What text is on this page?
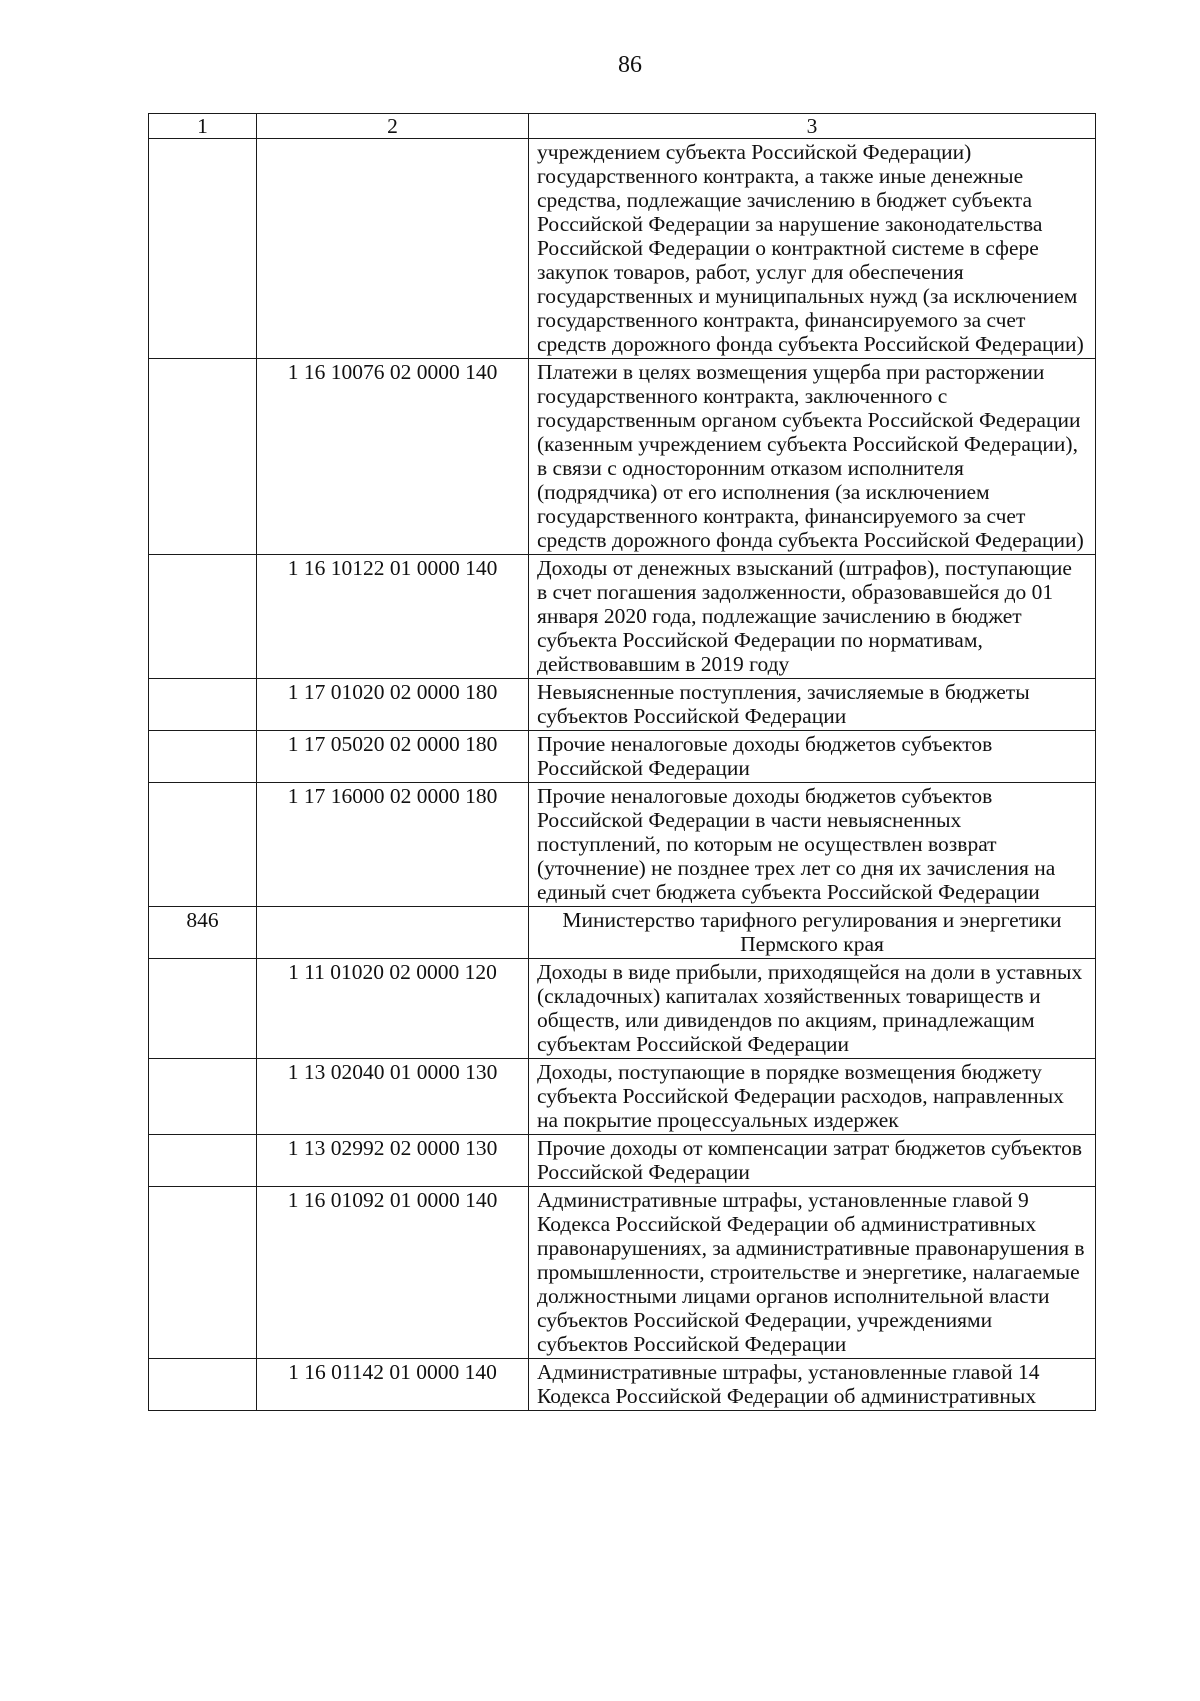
86
1	2	3
		учреждением субъекта Российской Федерации) государственного контракта, а также иные денежные средства, подлежащие зачислению в бюджет субъекта Российской Федерации за нарушение законодательства Российской Федерации о контрактной системе в сфере закупок товаров, работ, услуг для обеспечения государственных и муниципальных нужд (за исключением государственного контракта, финансируемого за счет средств дорожного фонда субъекта Российской Федерации)
	1 16 10076 02 0000 140	Платежи в целях возмещения ущерба при расторжении государственного контракта, заключенного с государственным органом субъекта Российской Федерации (казенным учреждением субъекта Российской Федерации), в связи с односторонним отказом исполнителя (подрядчика) от его исполнения (за исключением государственного контракта, финансируемого за счет средств дорожного фонда субъекта Российской Федерации)
	1 16 10122 01 0000 140	Доходы от денежных взысканий (штрафов), поступающие в счет погашения задолженности, образовавшейся до 01 января 2020 года, подлежащие зачислению в бюджет субъекта Российской Федерации по нормативам, действовавшим в 2019 году
	1 17 01020 02 0000 180	Невыясненные поступления, зачисляемые в бюджеты субъектов Российской Федерации
	1 17 05020 02 0000 180	Прочие неналоговые доходы бюджетов субъектов Российской Федерации
	1 17 16000 02 0000 180	Прочие неналоговые доходы бюджетов субъектов Российской Федерации в части невыясненных поступлений, по которым не осуществлен возврат (уточнение) не позднее трех лет со дня их зачисления на единый счет бюджета субъекта Российской Федерации
846		Министерство тарифного регулирования и энергетики Пермского края
	1 11 01020 02 0000 120	Доходы в виде прибыли, приходящейся на доли в уставных (складочных) капиталах хозяйственных товариществ и обществ, или дивидендов по акциям, принадлежащим субъектам Российской Федерации
	1 13 02040 01 0000 130	Доходы, поступающие в порядке возмещения бюджету субъекта Российской Федерации расходов, направленных на покрытие процессуальных издержек
	1 13 02992 02 0000 130	Прочие доходы от компенсации затрат бюджетов субъектов Российской Федерации
	1 16 01092 01 0000 140	Административные штрафы, установленные главой 9 Кодекса Российской Федерации об административных правонарушениях, за административные правонарушения в промышленности, строительстве и энергетике, налагаемые должностными лицами органов исполнительной власти субъектов Российской Федерации, учреждениями субъектов Российской Федерации
	1 16 01142 01 0000 140	Административные штрафы, установленные главой 14 Кодекса Российской Федерации об административных
